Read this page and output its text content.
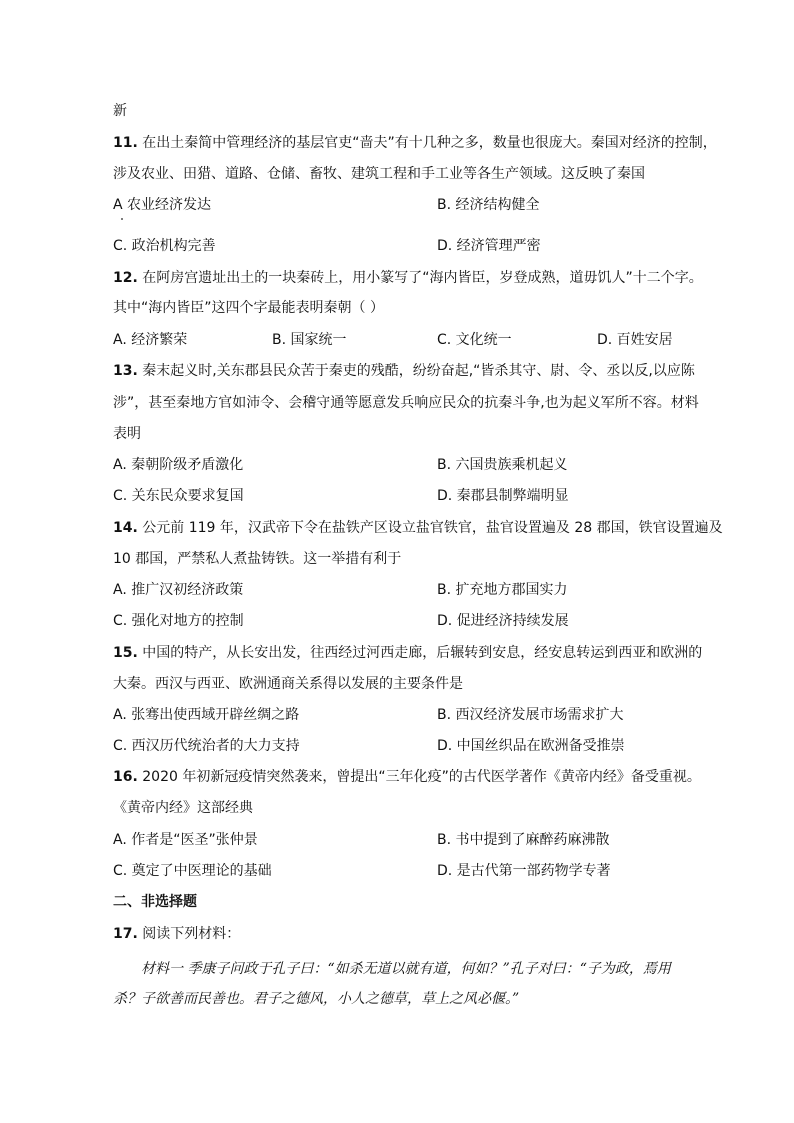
新
11. 在出土秦简中管理经济的基层官吏“啬夫”有十几种之多，数量也很庞大。秦国对经济的控制，
涉及农业、田猎、道路、仓储、畜牧、建筑工程和手工业等各生产领域。这反映了秦国
A 农业经济发达	B. 经济结构健全
C. 政治机构完善	D. 经济管理严密
12. 在阿房宫遗址出土的一块秦砖上，用小篆写了“海内皆臣，岁登成熟，道毋饥人”十二个字。
其中“海内皆臣”这四个字最能表明秦朝（ ）
A. 经济繁荣	B. 国家统一	C. 文化统一	D. 百姓安居
13. 秦末起义时,关东郡县民众苦于秦吏的残酷，纷纷奋起,“皆杀其守、尉、令、丞以反,以应陈
涉”，甚至秦地方官如沛令、会稽守通等愿意发兵响应民众的抗秦斗争,也为起义军所不容。材料
表明
A. 秦朝阶级矛盾激化	B. 六国贵族乘机起义
C. 关东民众要求复国	D. 秦郡县制弊端明显
14. 公元前 119 年，汉武帝下令在盐铁产区设立盐官铁官，盐官设置遍及 28 郡国，铁官设置遍及
10 郡国，严禁私人煮盐铸铁。这一举措有利于
A. 推广汉初经济政策	B. 扩充地方郡国实力
C. 强化对地方的控制	D. 促进经济持续发展
15. 中国的特产，从长安出发，往西经过河西走廊，后辗转到安息，经安息转运到西亚和欧洲的
大秦。西汉与西亚、欧洲通商关系得以发展的主要条件是
A. 张骞出使西域开辟丝绸之路	B. 西汉经济发展市场需求扩大
C. 西汉历代统治者的大力支持	D. 中国丝织品在欧洲备受推崇
16. 2020 年初新冠疫情突然袭来，曾提出“三年化疫”的古代医学著作《黄帝内经》备受重视。
《黄帝内经》这部经典
A. 作者是“医圣”张仲景	B. 书中提到了麻醉药麻沸散
C. 奠定了中医理论的基础	D. 是古代第一部药物学专著
二、非选择题
17. 阅读下列材料：
材料一 季康子问政于孔子曰：“如杀无道以就有道，何如？”孔子对曰：“子为政，焉用
杀？子欲善而民善也。君子之德风，小人之德草，草上之风必偃。”
